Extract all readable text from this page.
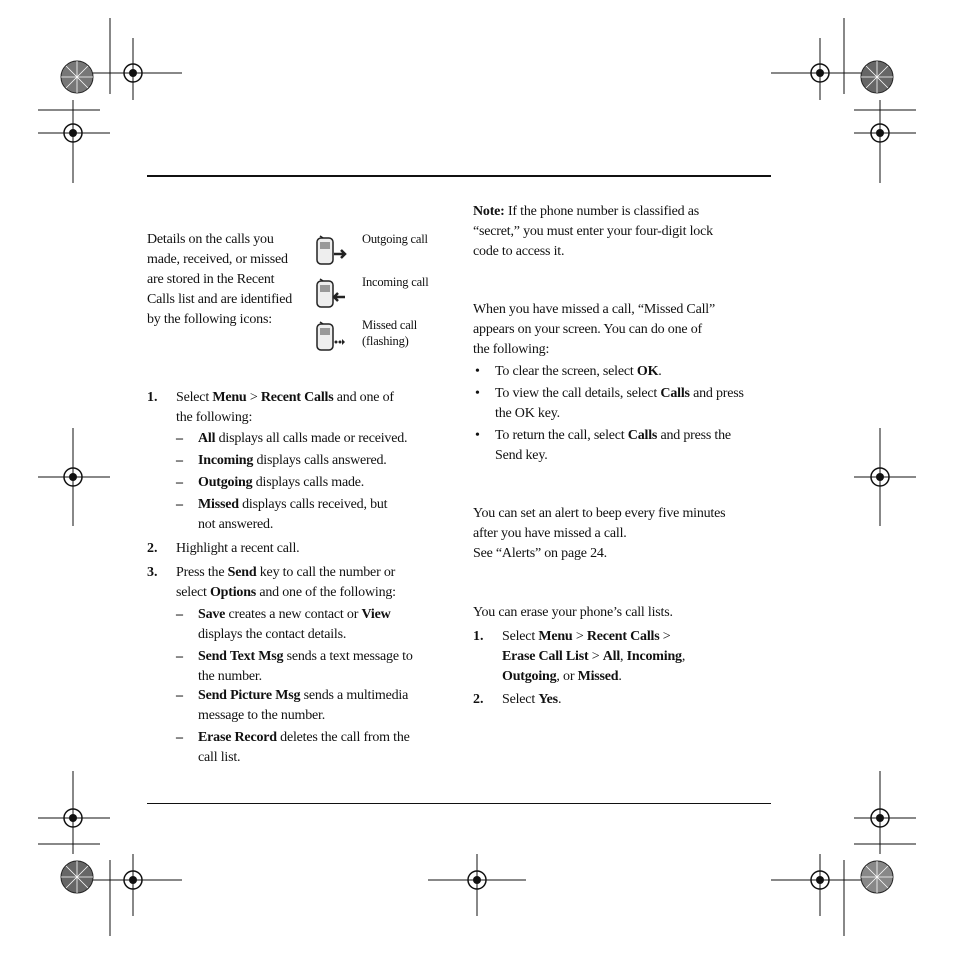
Details on the calls you made, received, or missed are stored in the Recent Calls list and are identified by the following icons:
Outgoing call
Incoming call
Missed call
(flashing)
1. Select Menu > Recent Calls and one of
the following:
– All displays all calls made or received.
– Incoming displays calls answered.
– Outgoing displays calls made.
– Missed displays calls received, but
not answered.
2. Highlight a recent call.
3. Press the Send key to call the number or
select Options and one of the following:
– Save creates a new contact or View
displays the contact details.
– Send Text Msg sends a text message to
the number.
– Send Picture Msg sends a multimedia
message to the number.
– Erase Record deletes the call from the
call list.
Note: If the phone number is classified as
“secret,” you must enter your four-digit lock
code to access it.
When you have missed a call, “Missed Call”
appears on your screen. You can do one of
the following:
• To clear the screen, select OK.
• To view the call details, select Calls and press
the OK key.
• To return the call, select Calls and press the
Send key.
You can set an alert to beep every five minutes
after you have missed a call.
See “Alerts” on page 24.
You can erase your phone’s call lists.
1. Select Menu > Recent Calls >
Erase Call List > All, Incoming,
Outgoing, or Missed.
2. Select Yes.
